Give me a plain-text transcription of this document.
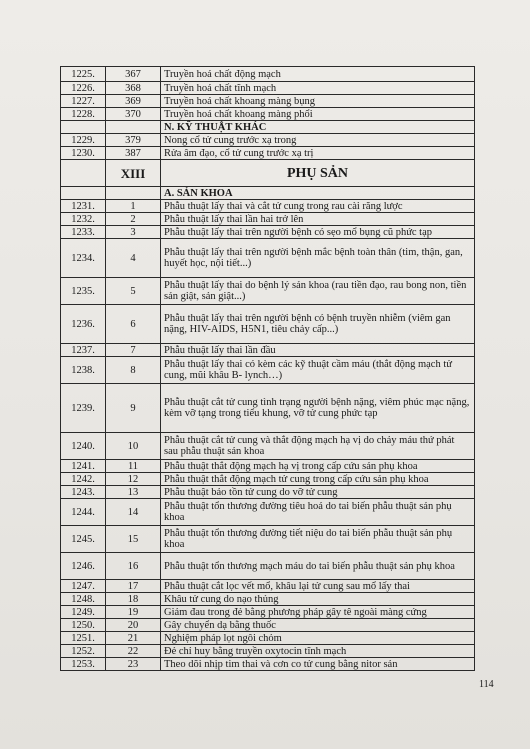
1225.	367	Truyền hoá chất động mạch
1226.	368	Truyền hoá chất tĩnh mạch
1227.	369	Truyền hoá chất khoang màng bụng
1228.	370	Truyền hoá chất khoang màng phổi
		N. KỸ THUẬT KHÁC
1229.	379	Nong cổ tử cung trước xạ trong
1230.	387	Rửa âm đạo, cổ tử cung trước xạ trị
	XIII	PHỤ SẢN
		A. SẢN KHOA
1231.	1	Phẫu thuật lấy thai và cắt tử cung trong rau cài răng lược
1232.	2	Phẫu thuật lấy thai lần hai trở lên
1233.	3	Phẫu thuật lấy thai trên người bệnh có sẹo mổ bụng cũ phức tạp
1234.	4	Phẫu thuật lấy thai trên người bệnh mắc bệnh toàn thân (tim, thận, gan, huyết học, nội tiết...)
1235.	5	Phẫu thuật lấy thai do bệnh lý sản khoa (rau tiền đạo, rau bong non, tiền sản giật, sản giật...)
1236.	6	Phẫu thuật lấy thai trên người bệnh có bệnh truyền nhiễm (viêm gan nặng, HIV-AIDS, H5N1, tiêu chảy cấp...)
1237.	7	Phẫu thuật lấy thai lần đầu
1238.	8	Phẫu thuật lấy thai có kèm các kỹ thuật cầm máu (thắt động mạch tử cung, mũi khâu B- lynch…)
1239.	9	Phẫu thuật cắt tử cung tình trạng người bệnh nặng, viêm phúc mạc nặng, kèm vỡ tạng trong tiểu khung, vỡ tử cung phức tạp
1240.	10	Phẫu thuật cắt tử cung và thắt động mạch hạ vị do chảy máu thứ phát sau phẫu thuật sản khoa
1241.	11	Phẫu thuật thắt động mạch hạ vị trong cấp cứu sản phụ khoa
1242.	12	Phẫu thuật thắt động mạch tử cung trong cấp cứu sản phụ khoa
1243.	13	Phẫu thuật bảo tồn tử cung do vỡ tử cung
1244.	14	Phẫu thuật tổn thương đường tiêu hoá do tai biến phẫu thuật sản phụ khoa
1245.	15	Phẫu thuật tổn thương đường tiết niệu do tai biến phẫu thuật sản phụ khoa
1246.	16	Phẫu thuật tổn thương mạch máu do tai biến phẫu thuật sản phụ khoa
1247.	17	Phẫu thuật cắt lọc vết mổ, khâu lại tử cung sau mổ lấy thai
1248.	18	Khâu tử cung do nạo thủng
1249.	19	Giảm đau trong đẻ bằng phương pháp gây tê ngoài màng cứng
1250.	20	Gây chuyển dạ bằng thuốc
1251.	21	Nghiệm pháp lọt ngôi chỏm
1252.	22	Đẻ chỉ huy bằng truyền oxytocin tĩnh mạch
1253.	23	Theo dõi nhịp tim thai và cơn co tử cung bằng nitor sản
114
